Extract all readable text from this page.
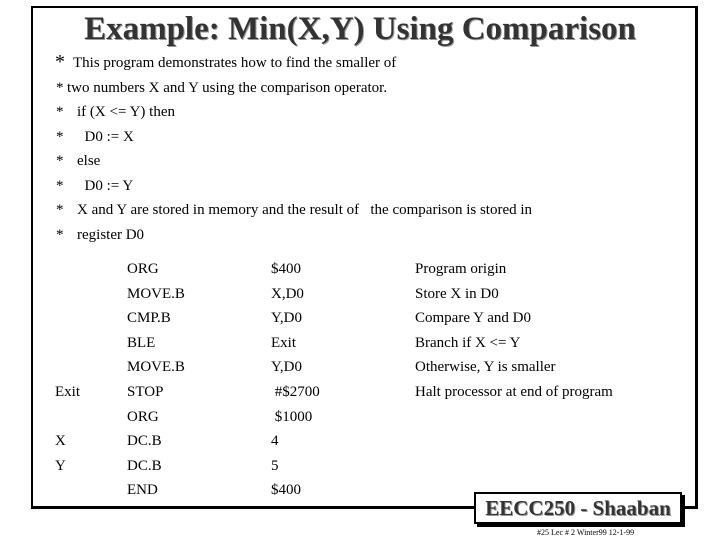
Example: Min(X,Y) Using Comparison
* This program demonstrates how to find the smaller of
* two numbers X and Y using the comparison operator.
* if (X <= Y) then
* D0 := X
* else
* D0 := Y
* X and Y are stored in memory and the result of   the comparison is stored in
* register D0
Exit
X
Y
ORG
MOVE.B
CMP.B
BLE
MOVE.B
STOP
ORG
DC.B
DC.B
END
$400
X,D0
Y,D0
Exit
Y,D0
#$2700
$1000
4
5
$400
Program origin
Store X in D0
Compare Y and D0
Branch if X <= Y
Otherwise, Y is smaller
Halt processor at end of program
EECC250 - Shaaban
#25 Lec # 2 Winter99 12-1-99
